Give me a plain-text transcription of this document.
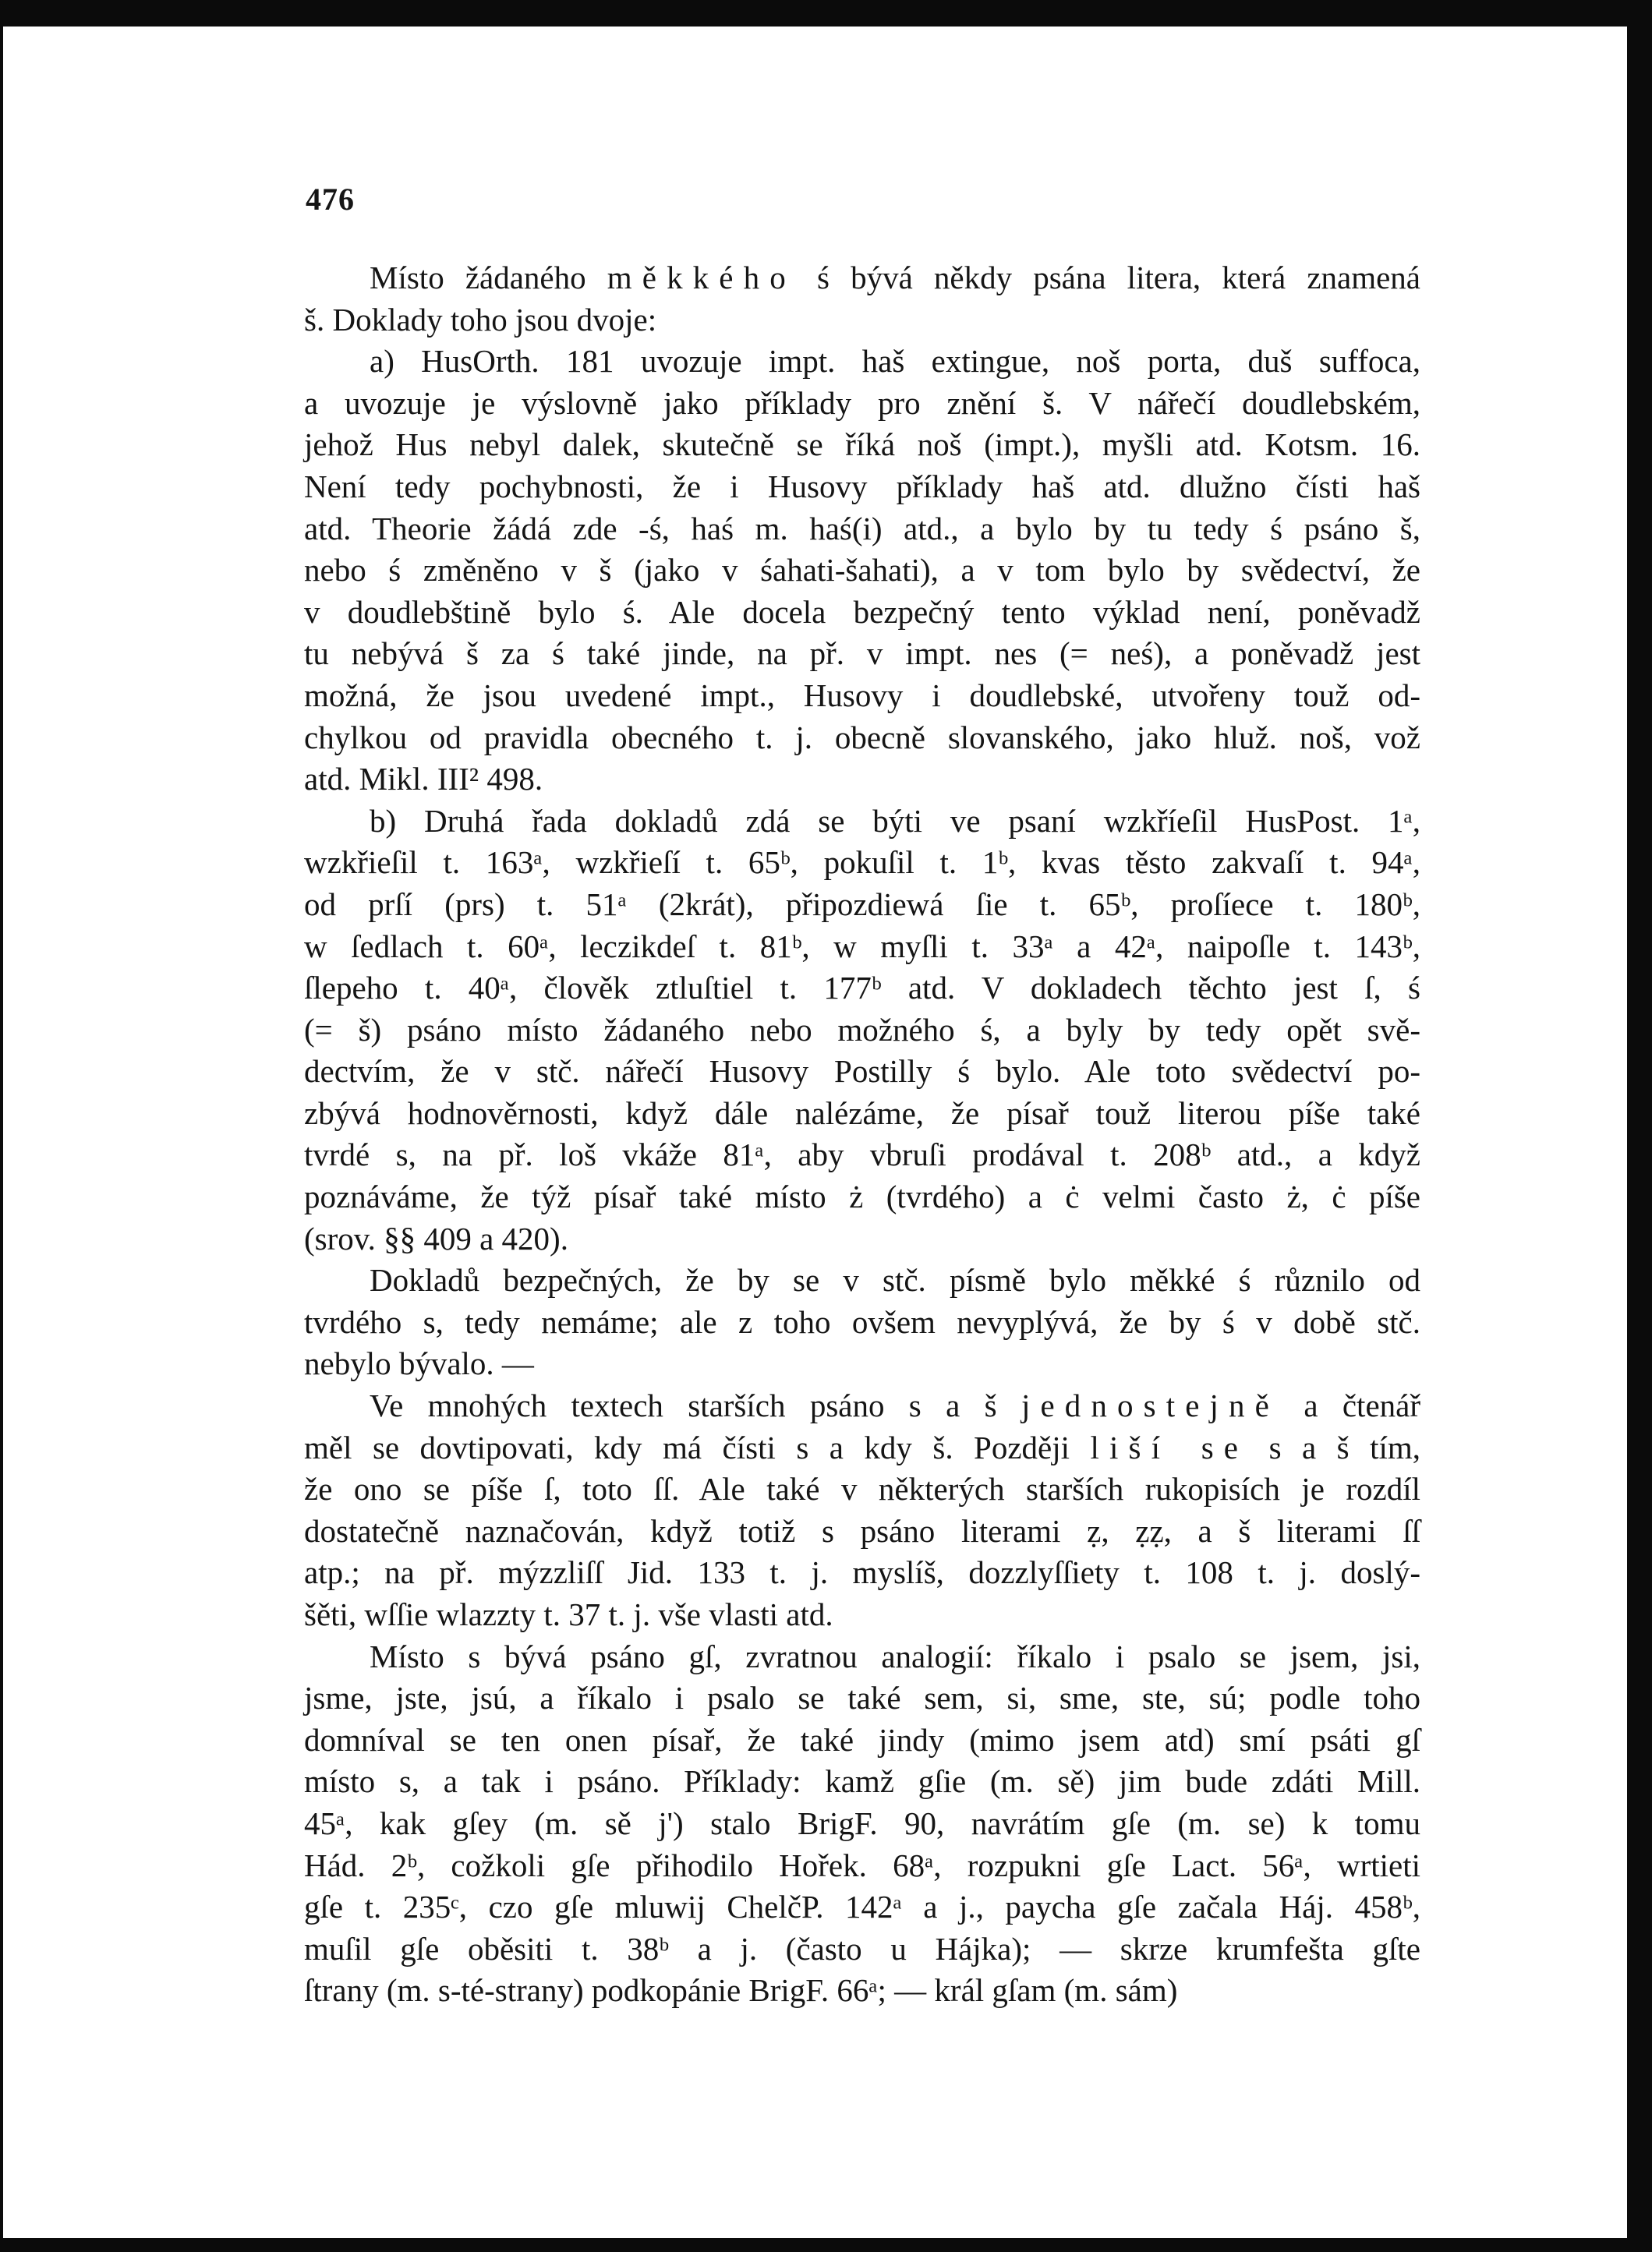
476
Místo žádaného měkkého ś bývá někdy psána litera, která znamená
š. Doklady toho jsou dvoje:
a) HusOrth. 181 uvozuje impt. haš extingue, noš porta, duš suffoca,
a uvozuje je výslovně jako příklady pro znění š. V nářečí doudlebském,
jehož Hus nebyl dalek, skutečně se říká noš (impt.), myšli atd. Kotsm. 16.
Není tedy pochybnosti, že i Husovy příklady haš atd. dlužno čísti haš
atd. Theorie žádá zde -ś, haś m. haś(i) atd., a bylo by tu tedy ś psáno š,
nebo ś změněno v š (jako v śahati-šahati), a v tom bylo by svědectví, že
v doudlebštině bylo ś. Ale docela bezpečný tento výklad není, poněvadž
tu nebývá š za ś také jinde, na př. v impt. nes (= neś), a poněvadž jest
možná, že jsou uvedené impt., Husovy i doudlebské, utvořeny touž od-
chylkou od pravidla obecného t. j. obecně slovanského, jako hluž. noš, vož
atd. Mikl. III² 498.
b) Druhá řada dokladů zdá se býti ve psaní wzkříeſil HusPost. 1ᵃ,
wzkřieſil t. 163ᵃ, wzkřieſí t. 65ᵇ, pokuſil t. 1ᵇ, kvas těsto zakvaſí t. 94ᵃ,
od prſí (prs) t. 51ᵃ (2krát), připozdiewá ſie t. 65ᵇ, proſíece t. 180ᵇ,
w ſedlach t. 60ᵃ, leczikdeſ t. 81ᵇ, w myſli t. 33ᵃ a 42ᵃ, naipoſle t. 143ᵇ,
ſlepeho t. 40ᵃ, člověk ztluſtiel t. 177ᵇ atd. V dokladech těchto jest ſ, ś
(= š) psáno místo žádaného nebo možného ś, a byly by tedy opět svě-
dectvím, že v stč. nářečí Husovy Postilly ś bylo. Ale toto svědectví po-
zbývá hodnověrnosti, když dále nalézáme, že písař touž literou píše také
tvrdé s, na př. loš vkáže 81ᵃ, aby vbruſi prodával t. 208ᵇ atd., a když
poznáváme, že týž písař také místo ż (tvrdého) a ċ velmi často ż, ċ píše
(srov. §§ 409 a 420).
Dokladů bezpečných, že by se v stč. písmě bylo měkké ś různilo od
tvrdého s, tedy nemáme; ale z toho ovšem nevyplývá, že by ś v době stč.
nebylo bývalo. —
Ve mnohých textech starších psáno s a š jednostejně a čtenář
měl se dovtipovati, kdy má čísti s a kdy š. Později liší se s a š tím,
že ono se píše ſ, toto ſſ. Ale také v některých starších rukopisích je rozdíl
dostatečně naznačován, když totiž s psáno literami ẓ, ẓẓ, a š literami ſſ
atp.; na př. mýzzliſſ Jid. 133 t. j. myslíš, dozzlyſſiety t. 108 t. j. doslý-
šěti, wſſie wlazzty t. 37 t. j. vše vlasti atd.
Místo s bývá psáno gſ, zvratnou analogií: říkalo i psalo se jsem, jsi,
jsme, jste, jsú, a říkalo i psalo se také sem, si, sme, ste, sú; podle toho
domníval se ten onen písař, že také jindy (mimo jsem atd) smí psáti gſ
místo s, a tak i psáno. Příklady: kamž gſie (m. sě) jim bude zdáti Mill.
45ᵃ, kak gſey (m. sě j') stalo BrigF. 90, navrátím gſe (m. se) k tomu
Hád. 2ᵇ, cožkoli gſe přihodilo Hořek. 68ᵃ, rozpukni gſe Lact. 56ᵃ, wrtieti
gſe t. 235ᶜ, czo gſe mluwij ChelčP. 142ᵃ a j., paycha gſe začala Háj. 458ᵇ,
muſil gſe oběsiti t. 38ᵇ a j. (často u Hájka); — skrze krumfešta gſte
ſtrany (m. s-té-strany) podkopánie BrigF. 66ᵃ; — král gſam (m. sám)
